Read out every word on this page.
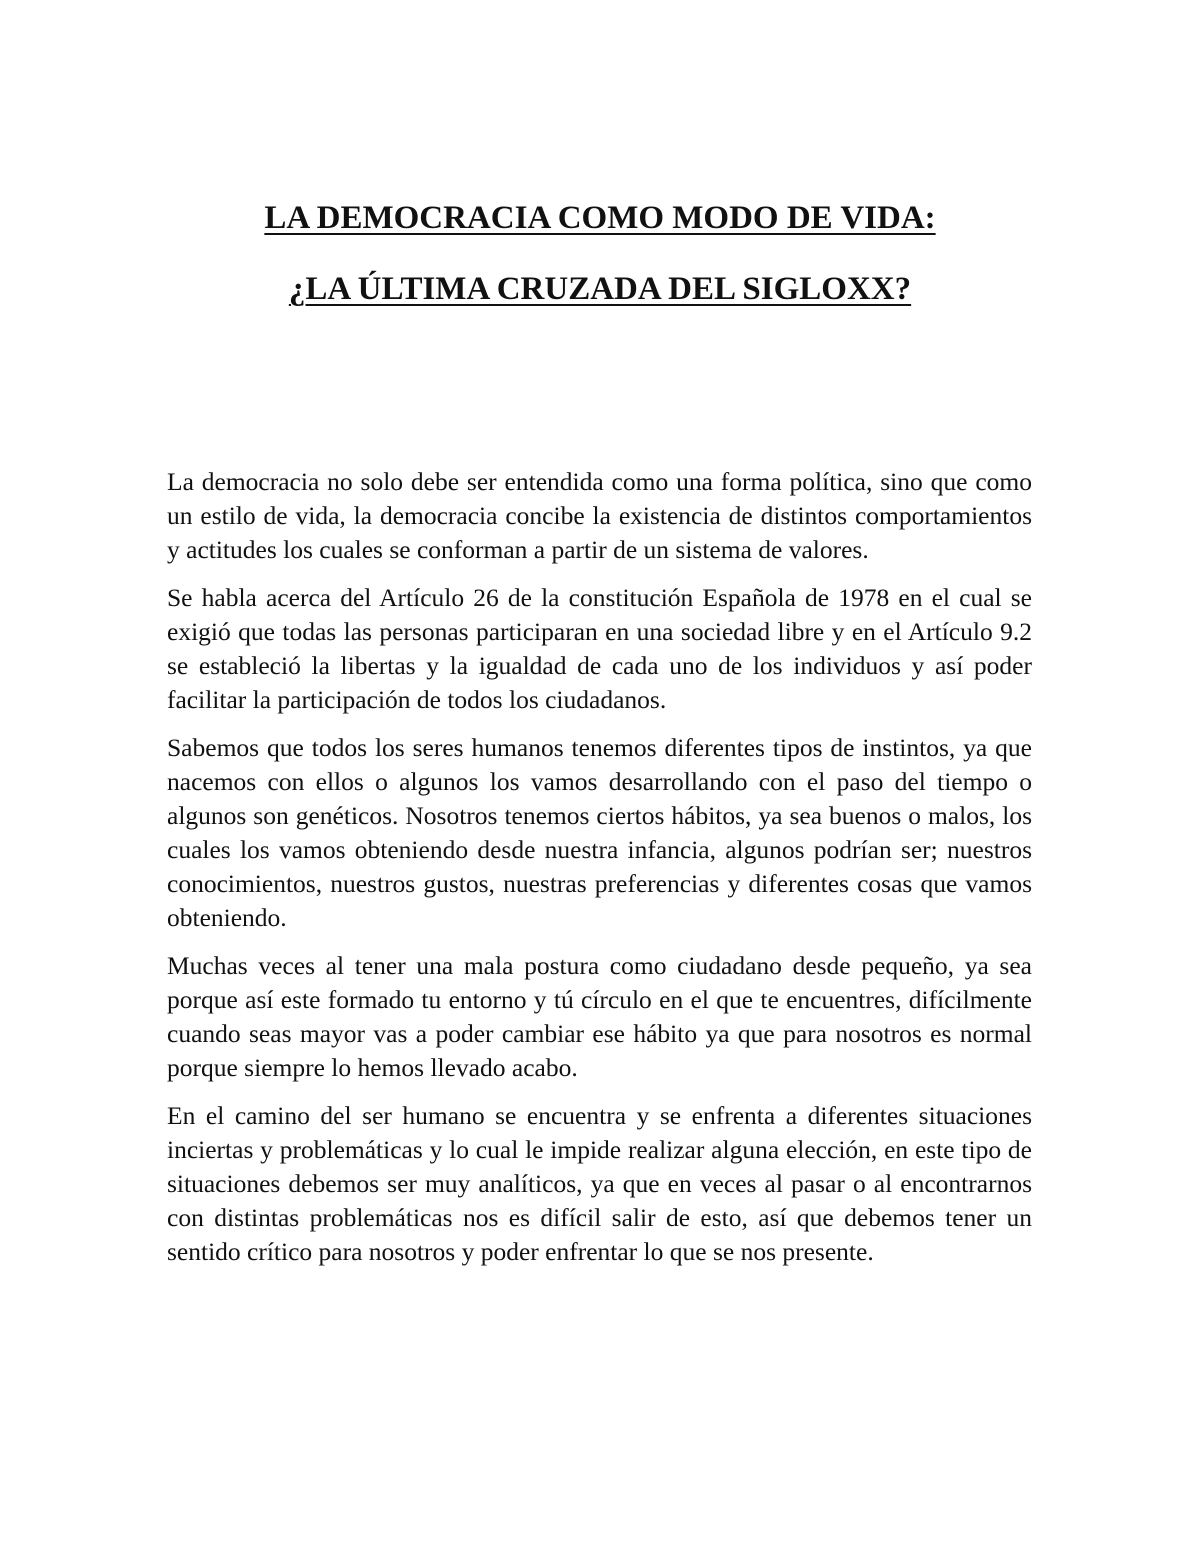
LA DEMOCRACIA COMO MODO DE VIDA:

¿LA ÚLTIMA CRUZADA DEL SIGLOXX?

La democracia no solo debe ser entendida como una forma política, sino que como un estilo de vida, la democracia concibe la existencia de distintos comportamientos y actitudes los cuales se conforman a partir de un sistema de valores.

Se habla acerca del Artículo 26 de la constitución Española de 1978 en el cual se exigió que todas las personas participaran en una sociedad libre y en el Artículo 9.2 se estableció la libertas y la igualdad de cada uno de los individuos y así poder facilitar la participación de todos los ciudadanos.

Sabemos que todos los seres humanos tenemos diferentes tipos de instintos, ya que nacemos con ellos o algunos los vamos desarrollando con el paso del tiempo o algunos son genéticos. Nosotros tenemos ciertos hábitos, ya sea buenos o malos, los cuales los vamos obteniendo desde nuestra infancia, algunos podrían ser; nuestros conocimientos, nuestros gustos, nuestras preferencias y diferentes cosas que vamos obteniendo.

Muchas veces al tener una mala postura como ciudadano desde pequeño, ya sea porque así este formado tu entorno y tú círculo en el que te encuentres, difícilmente cuando seas mayor vas a poder cambiar ese hábito ya que para nosotros es normal porque siempre lo hemos llevado acabo.

En el camino del ser humano se encuentra y se enfrenta a diferentes situaciones inciertas y problemáticas y lo cual le impide realizar alguna elección, en este tipo de situaciones debemos ser muy analíticos, ya que en veces al pasar o al encontrarnos con distintas problemáticas nos es difícil salir de esto, así que debemos tener un sentido crítico para nosotros y poder enfrentar lo que se nos presente.
